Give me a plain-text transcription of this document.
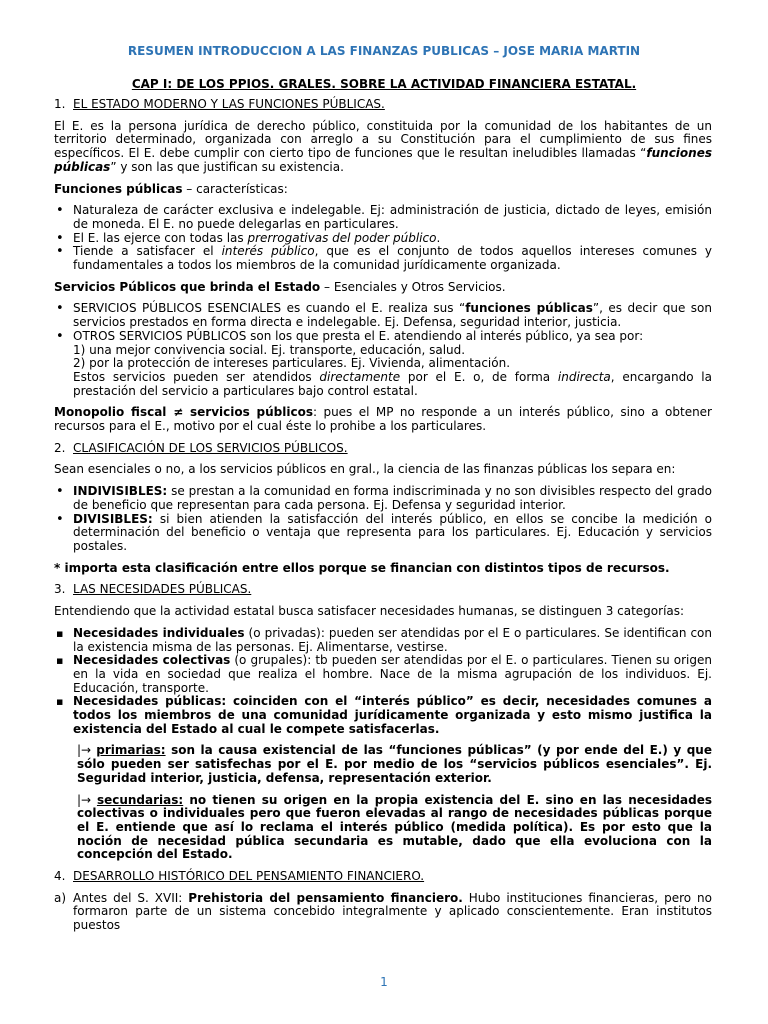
RESUMEN INTRODUCCION A LAS FINANZAS PUBLICAS – JOSE MARIA MARTIN
CAP I: DE LOS PPIOS. GRALES. SOBRE LA ACTIVIDAD FINANCIERA ESTATAL.
1. EL ESTADO MODERNO Y LAS FUNCIONES PÚBLICAS.

El E. es la persona jurídica de derecho público, constituida por la comunidad de los habitantes de un territorio determinado, organizada con arreglo a su Constitución para el cumplimiento de sus fines específicos. El E. debe cumplir con cierto tipo de funciones que le resultan ineludibles llamadas “funciones públicas” y son las que justifican su existencia.

Funciones públicas – características:

• Naturaleza de carácter exclusiva e indelegable. Ej: administración de justicia, dictado de leyes, emisión de moneda. El E. no puede delegarlas en particulares.
• El E. las ejerce con todas las prerrogativas del poder público.
• Tiende a satisfacer el interés público, que es el conjunto de todos aquellos intereses comunes y fundamentales a todos los miembros de la comunidad jurídicamente organizada.

Servicios Públicos que brinda el Estado – Esenciales y Otros Servicios.

• SERVICIOS PÚBLICOS ESENCIALES es cuando el E. realiza sus “funciones públicas”, es decir que son servicios prestados en forma directa e indelegable. Ej. Defensa, seguridad interior, justicia.
• OTROS SERVICIOS PÚBLICOS son los que presta el E. atendiendo al interés público, ya sea por:
1) una mejor convivencia social. Ej. transporte, educación, salud.
2) por la protección de intereses particulares. Ej. Vivienda, alimentación.
Estos servicios pueden ser atendidos directamente por el E. o, de forma indirecta, encargando la prestación del servicio a particulares bajo control estatal.

Monopolio fiscal ≠ servicios públicos: pues el MP no responde a un interés público, sino a obtener recursos para el E., motivo por el cual éste lo prohibe a los particulares.

2. CLASIFICACIÓN DE LOS SERVICIOS PÚBLICOS.

Sean esenciales o no, a los servicios públicos en gral., la ciencia de las finanzas públicas los separa en:

• INDIVISIBLES: se prestan a la comunidad en forma indiscriminada y no son divisibles respecto del grado de beneficio que representan para cada persona. Ej. Defensa y seguridad interior.
• DIVISIBLES: si bien atienden la satisfacción del interés público, en ellos se concibe la medición o determinación del beneficio o ventaja que representa para los particulares. Ej. Educación y servicios postales.

* importa esta clasificación entre ellos porque se financian con distintos tipos de recursos.

3. LAS NECESIDADES PÚBLICAS.

Entendiendo que la actividad estatal busca satisfacer necesidades humanas, se distinguen 3 categorías:

▪ Necesidades individuales (o privadas): pueden ser atendidas por el E o particulares. Se identifican con la existencia misma de las personas. Ej. Alimentarse, vestirse.
▪ Necesidades colectivas (o grupales): tb pueden ser atendidas por el E. o particulares. Tienen su origen en la vida en sociedad que realiza el hombre. Nace de la misma agrupación de los individuos. Ej. Educación, transporte.
▪ Necesidades públicas: coinciden con el “interés público” es decir, necesidades comunes a todos los miembros de una comunidad jurídicamente organizada y esto mismo justifica la existencia del Estado al cual le compete satisfacerlas.

|→ primarias: son la causa existencial de las “funciones públicas” (y por ende del E.) y que sólo pueden ser satisfechas por el E. por medio de los “servicios públicos esenciales”. Ej. Seguridad interior, justicia, defensa, representación exterior.

|→ secundarias: no tienen su origen en la propia existencia del E. sino en las necesidades colectivas o individuales pero que fueron elevadas al rango de necesidades públicas porque el E. entiende que así lo reclama el interés público (medida política). Es por esto que la noción de necesidad pública secundaria es mutable, dado que ella evoluciona con la concepción del Estado.

4. DESARROLLO HISTÓRICO DEL PENSAMIENTO FINANCIERO.
a) Antes del S. XVII: Prehistoria del pensamiento financiero. Hubo instituciones financieras, pero no formaron parte de un sistema concebido integralmente y aplicado conscientemente. Eran institutos puestos
1
